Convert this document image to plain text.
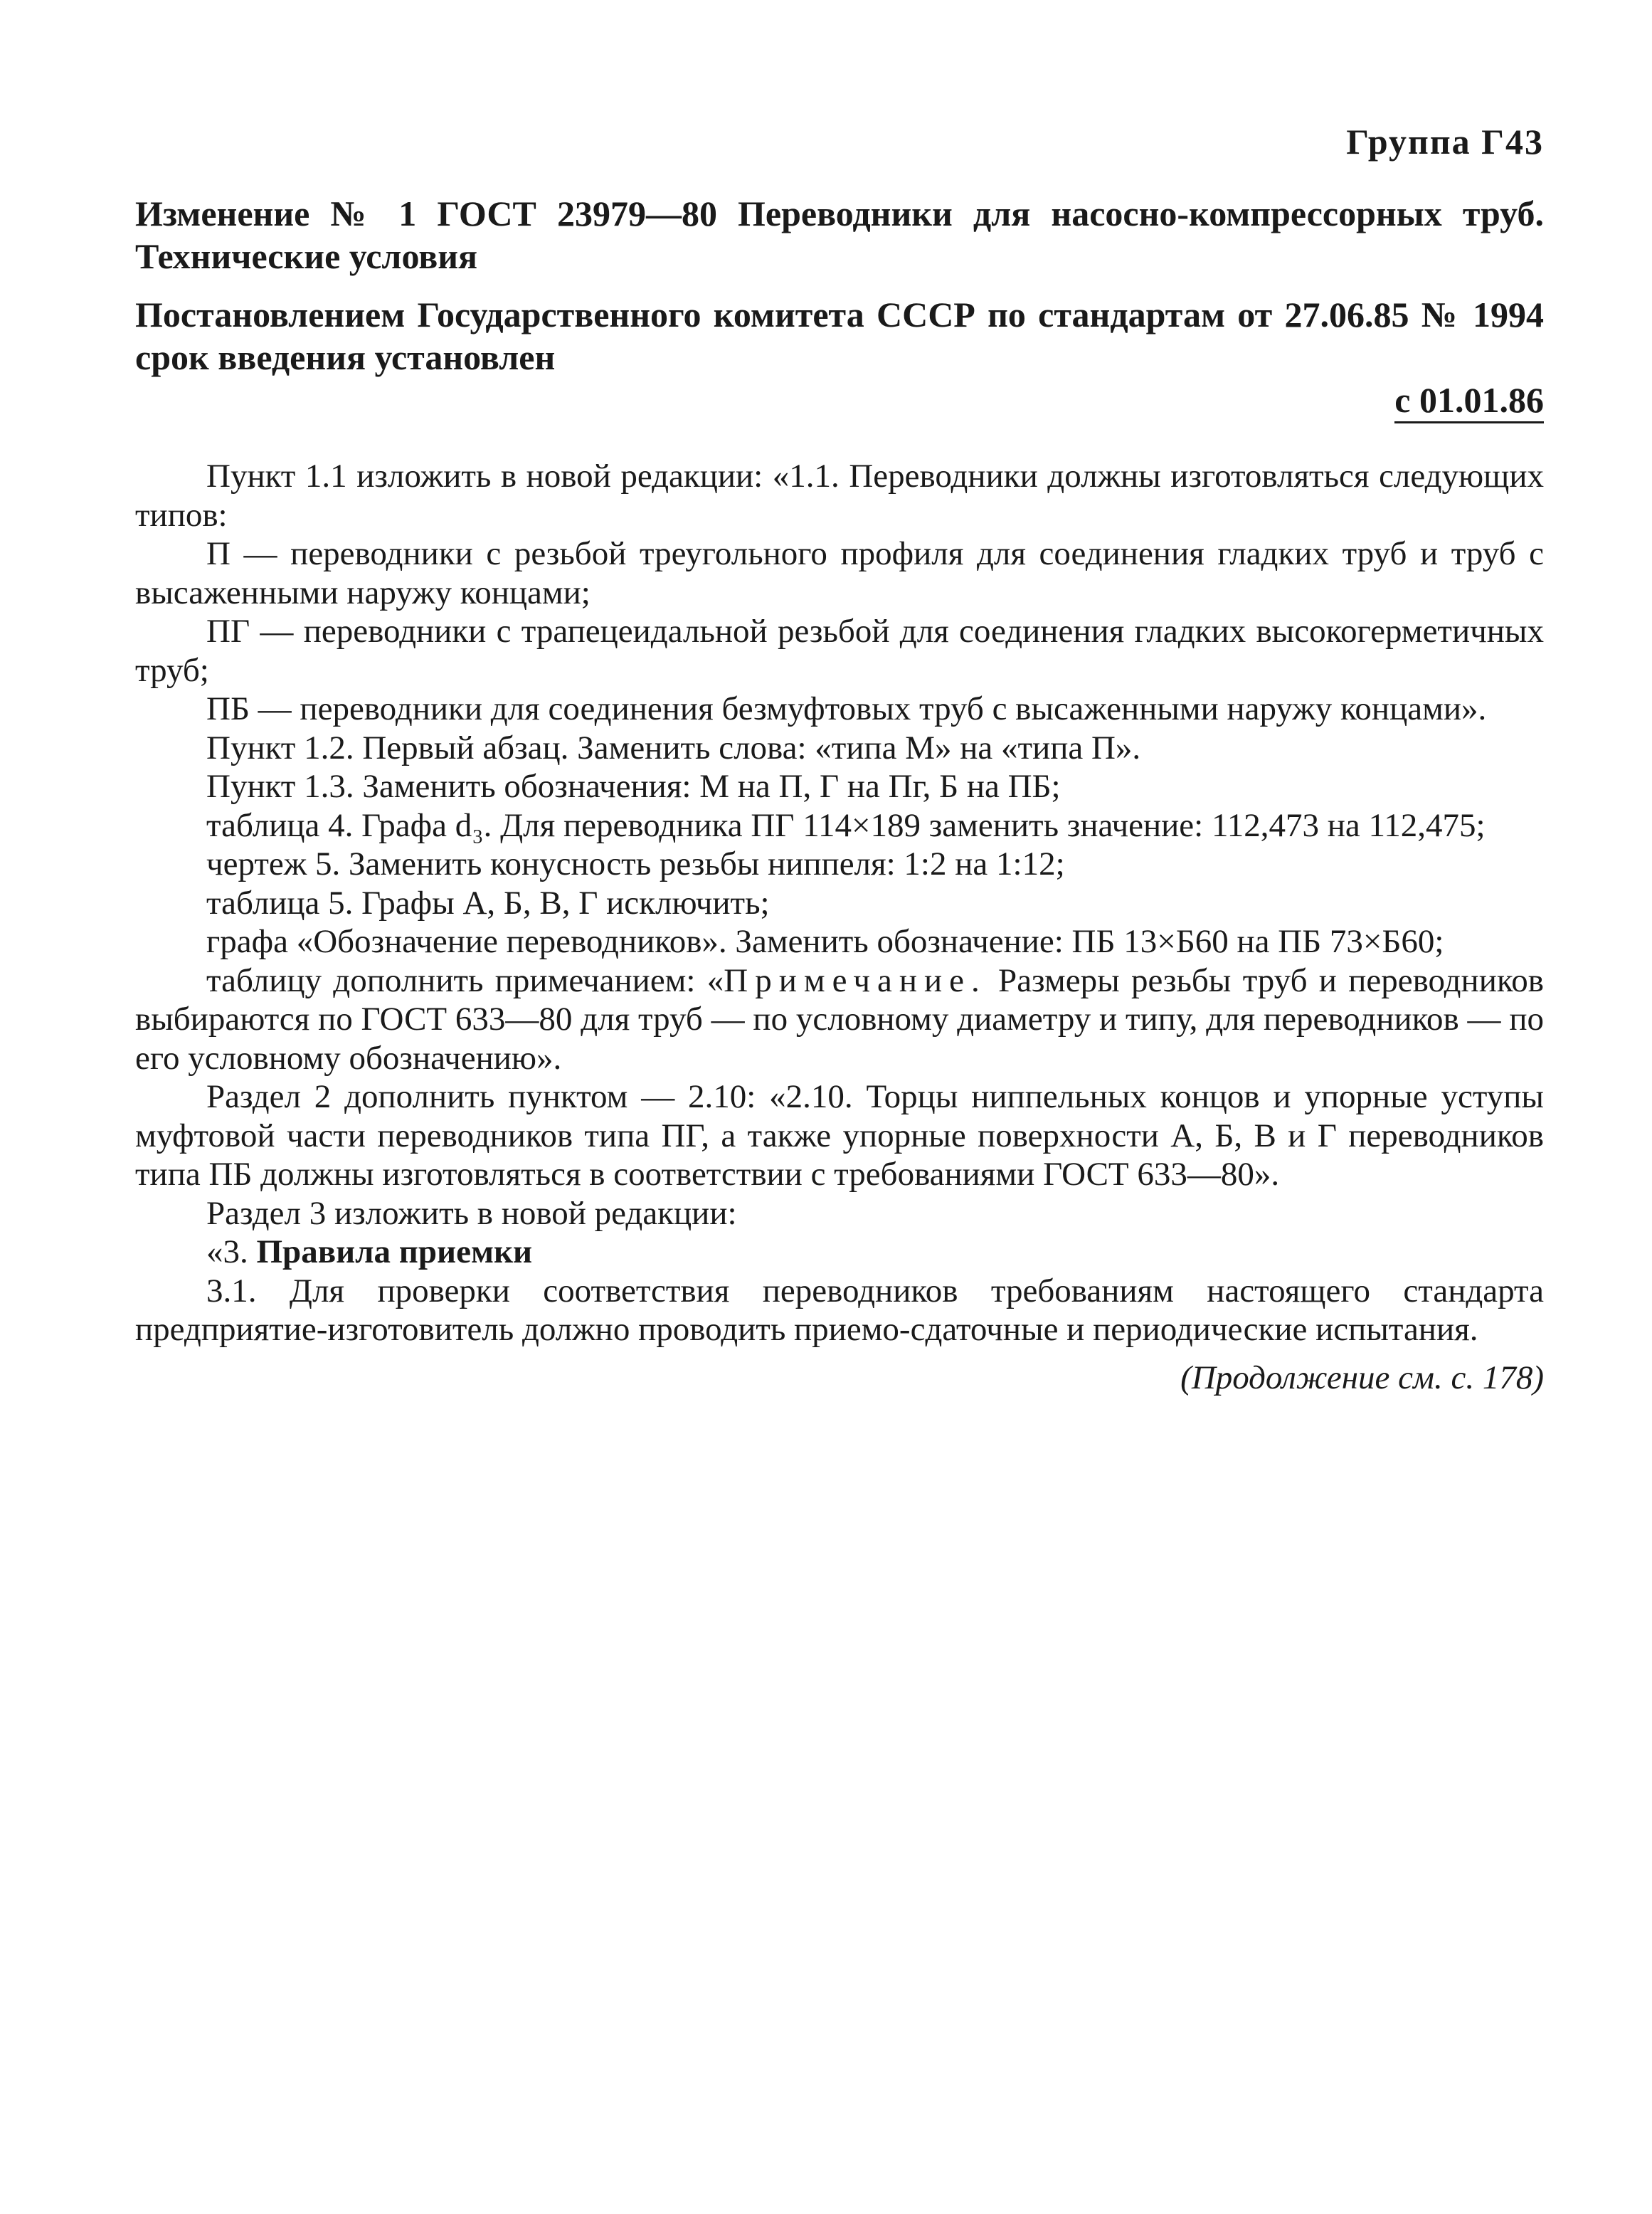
Группа Г43
Изменение № 1 ГОСТ 23979—80 Переводники для насосно-компрессорных труб. Технические условия
Постановлением Государственного комитета СССР по стандартам от 27.06.85 № 1994 срок введения установлен
с 01.01.86

Пункт 1.1 изложить в новой редакции: «1.1. Переводники должны изготовляться следующих типов:

П — переводники с резьбой треугольного профиля для соединения гладких труб и труб с высаженными наружу концами;

ПГ — переводники с трапецеидальной резьбой для соединения гладких высокогерметичных труб;

ПБ — переводники для соединения безмуфтовых труб с высаженными наружу концами».

Пункт 1.2. Первый абзац. Заменить слова: «типа М» на «типа П».

Пункт 1.3. Заменить обозначения: М на П, Г на Пг, Б на ПБ;

таблица 4. Графа d₃. Для переводника ПГ 114×189 заменить значение: 112,473 на 112,475;

чертеж 5. Заменить конусность резьбы ниппеля: 1:2 на 1:12;

таблица 5. Графы А, Б, В, Г исключить;

графа «Обозначение переводников». Заменить обозначение: ПБ 13×Б60 на ПБ 73×Б60;

таблицу дополнить примечанием: «Примечание. Размеры резьбы труб и переводников выбираются по ГОСТ 633—80 для труб — по условному диаметру и типу, для переводников — по его условному обозначению».

Раздел 2 дополнить пунктом — 2.10: «2.10. Торцы ниппельных концов и упорные уступы муфтовой части переводников типа ПГ, а также упорные поверхности А, Б, В и Г переводников типа ПБ должны изготовляться в соответствии с требованиями ГОСТ 633—80».

Раздел 3 изложить в новой редакции:

«3. Правила приемки

3.1. Для проверки соответствия переводников требованиям настоящего стандарта предприятие-изготовитель должно проводить приемо-сдаточные и периодические испытания.

(Продолжение см. с. 178)
